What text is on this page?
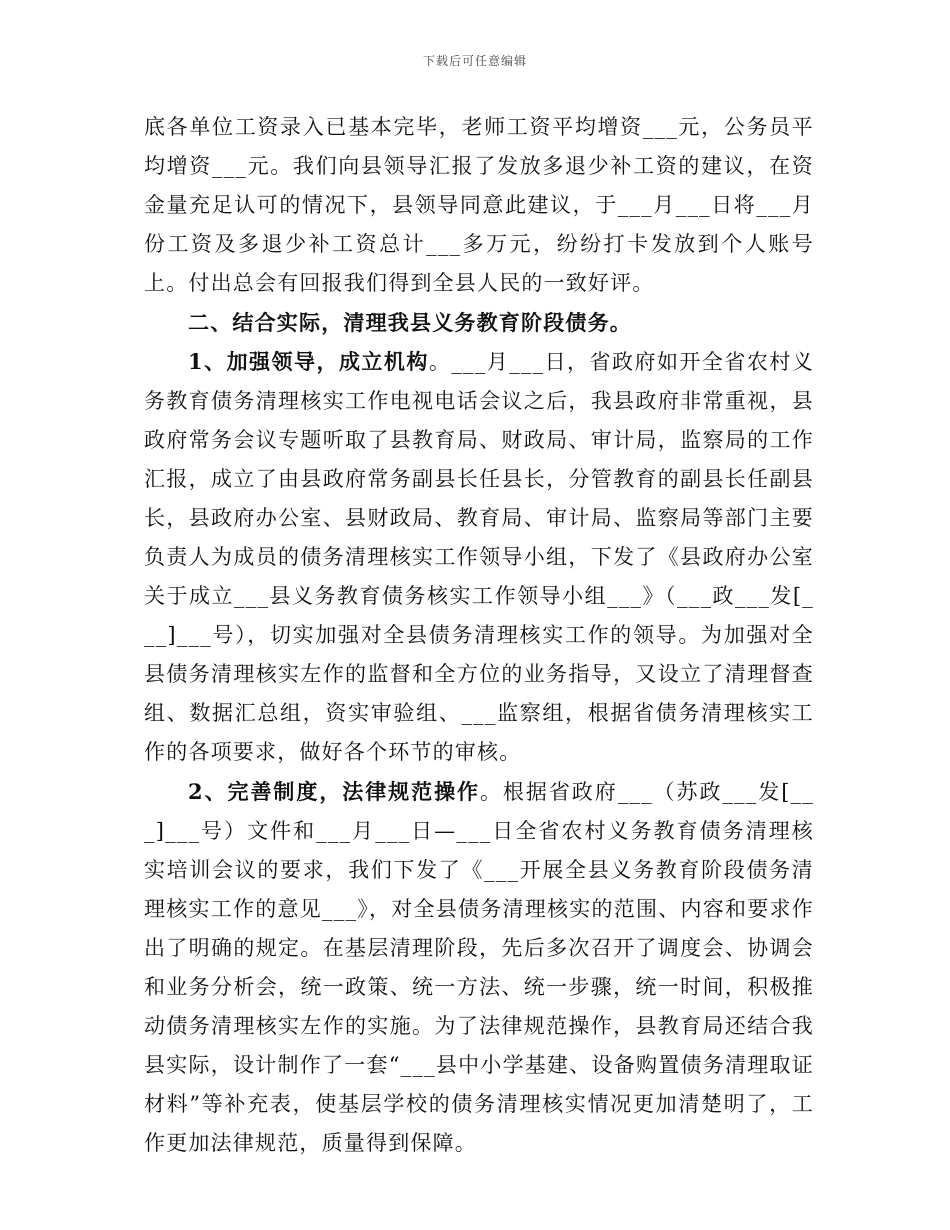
下载后可任意编辑

底各单位工资录入已基本完毕，老师工资平均增资___元，公务员平均增资___元。我们向县领导汇报了发放多退少补工资的建议，在资金量充足认可的情况下，县领导同意此建议，于___月___日将___月份工资及多退少补工资总计___多万元，纷纷打卡发放到个人账号上。付出总会有回报我们得到全县人民的一致好评。

二、结合实际，清理我县义务教育阶段债务。

1、加强领导，成立机构。___月___日，省政府如开全省农村义务教育债务清理核实工作电视电话会议之后，我县政府非常重视，县政府常务会议专题听取了县教育局、财政局、审计局，监察局的工作汇报，成立了由县政府常务副县长任县长，分管教育的副县长任副县长，县政府办公室、县财政局、教育局、审计局、监察局等部门主要负责人为成员的债务清理核实工作领导小组，下发了《县政府办公室关于成立___县义务教育债务核实工作领导小组___》（___政___发[___]___号），切实加强对全县债务清理核实工作的领导。为加强对全县债务清理核实左作的监督和全方位的业务指导，又设立了清理督查组、数据汇总组，资实审验组、___监察组，根据省债务清理核实工作的各项要求，做好各个环节的审核。

2、完善制度，法律规范操作。根据省政府___（苏政___发[___]___号）文件和___月___日—___日全省农村义务教育债务清理核实培训会议的要求，我们下发了《___开展全县义务教育阶段债务清理核实工作的意见___》，对全县债务清理核实的范围、内容和要求作出了明确的规定。在基层清理阶段，先后多次召开了调度会、协调会和业务分析会，统一政策、统一方法、统一步骤，统一时间，积极推动债务清理核实左作的实施。为了法律规范操作，县教育局还结合我县实际，设计制作了一套“___县中小学基建、设备购置债务清理取证材料”等补充表，使基层学校的债务清理核实情况更加清楚明了，工作更加法律规范，质量得到保障。
